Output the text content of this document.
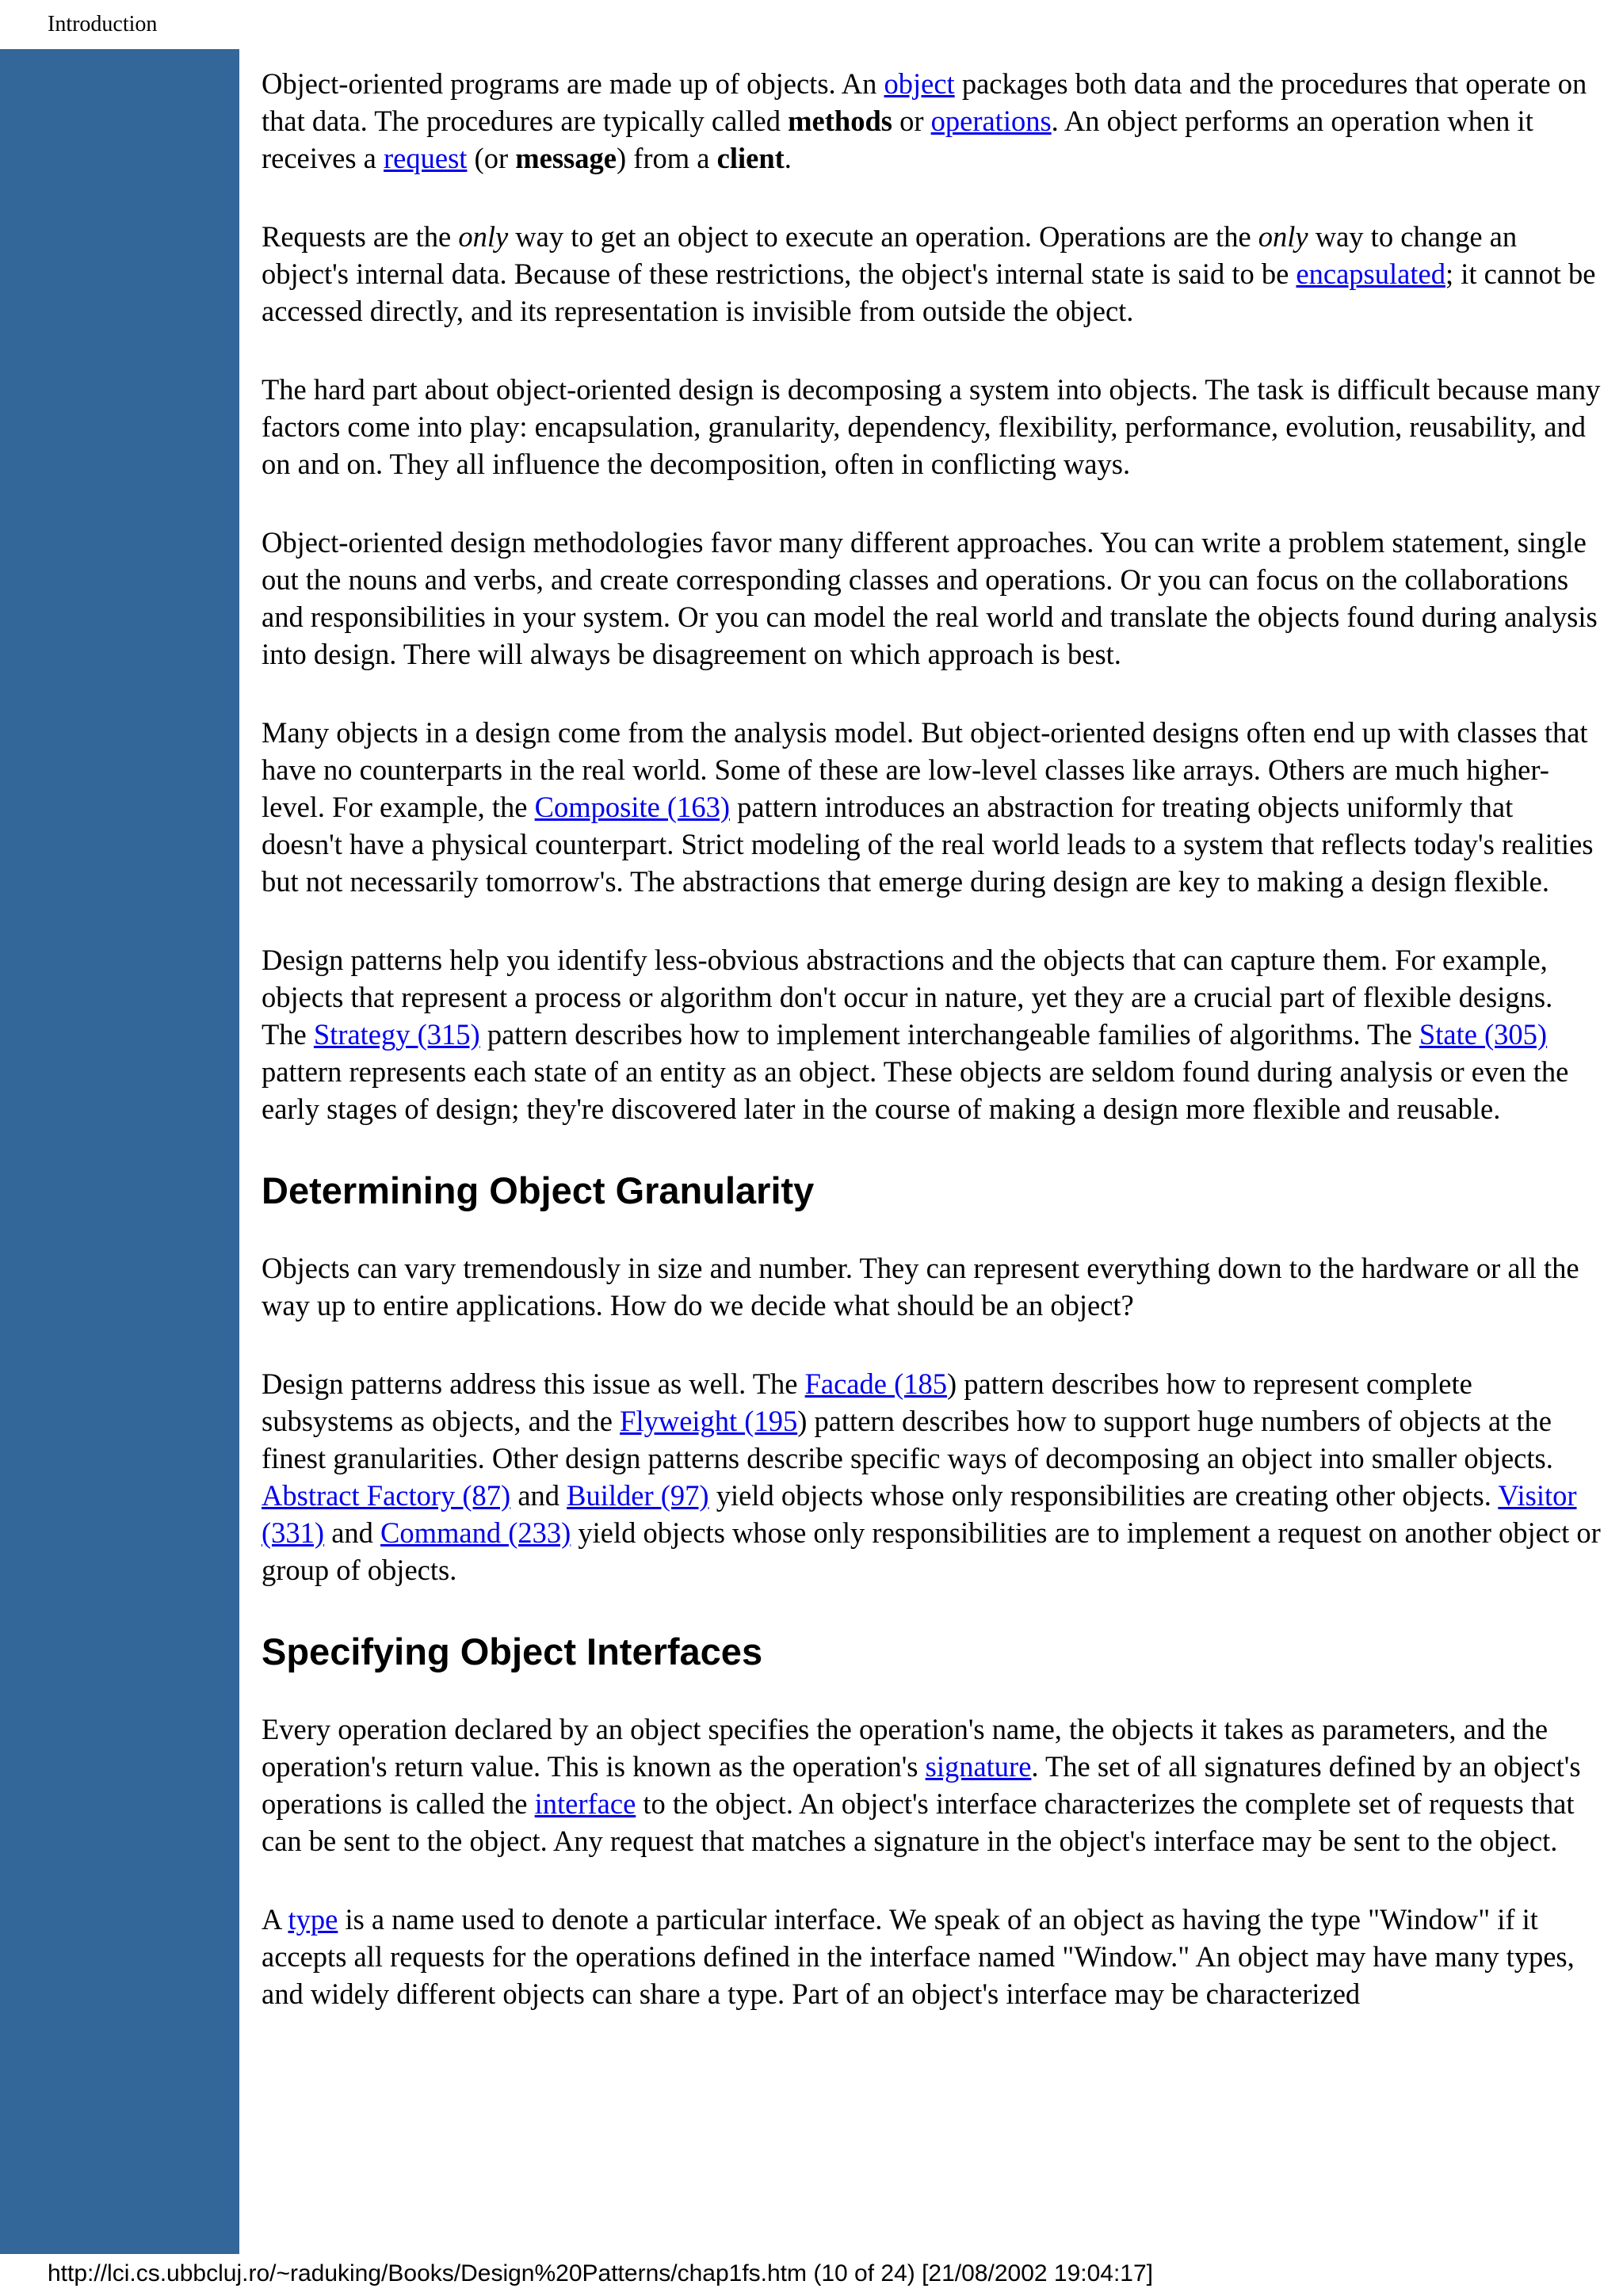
Introduction

Object-oriented programs are made up of objects. An object packages both data and the procedures that operate on that data. The procedures are typically called methods or operations. An object performs an operation when it receives a request (or message) from a client.

Requests are the only way to get an object to execute an operation. Operations are the only way to change an object's internal data. Because of these restrictions, the object's internal state is said to be encapsulated; it cannot be accessed directly, and its representation is invisible from outside the object.

The hard part about object-oriented design is decomposing a system into objects. The task is difficult because many factors come into play: encapsulation, granularity, dependency, flexibility, performance, evolution, reusability, and on and on. They all influence the decomposition, often in conflicting ways.

Object-oriented design methodologies favor many different approaches. You can write a problem statement, single out the nouns and verbs, and create corresponding classes and operations. Or you can focus on the collaborations and responsibilities in your system. Or you can model the real world and translate the objects found during analysis into design. There will always be disagreement on which approach is best.

Many objects in a design come from the analysis model. But object-oriented designs often end up with classes that have no counterparts in the real world. Some of these are low-level classes like arrays. Others are much higher-level. For example, the Composite (163) pattern introduces an abstraction for treating objects uniformly that doesn't have a physical counterpart. Strict modeling of the real world leads to a system that reflects today's realities but not necessarily tomorrow's. The abstractions that emerge during design are key to making a design flexible.

Design patterns help you identify less-obvious abstractions and the objects that can capture them. For example, objects that represent a process or algorithm don't occur in nature, yet they are a crucial part of flexible designs. The Strategy (315) pattern describes how to implement interchangeable families of algorithms. The State (305) pattern represents each state of an entity as an object. These objects are seldom found during analysis or even the early stages of design; they're discovered later in the course of making a design more flexible and reusable.

Determining Object Granularity

Objects can vary tremendously in size and number. They can represent everything down to the hardware or all the way up to entire applications. How do we decide what should be an object?

Design patterns address this issue as well. The Facade (185) pattern describes how to represent complete subsystems as objects, and the Flyweight (195) pattern describes how to support huge numbers of objects at the finest granularities. Other design patterns describe specific ways of decomposing an object into smaller objects. Abstract Factory (87) and Builder (97) yield objects whose only responsibilities are creating other objects. Visitor (331) and Command (233) yield objects whose only responsibilities are to implement a request on another object or group of objects.

Specifying Object Interfaces

Every operation declared by an object specifies the operation's name, the objects it takes as parameters, and the operation's return value. This is known as the operation's signature. The set of all signatures defined by an object's operations is called the interface to the object. An object's interface characterizes the complete set of requests that can be sent to the object. Any request that matches a signature in the object's interface may be sent to the object.

A type is a name used to denote a particular interface. We speak of an object as having the type "Window" if it accepts all requests for the operations defined in the interface named "Window." An object may have many types, and widely different objects can share a type. Part of an object's interface may be characterized

http://lci.cs.ubbcluj.ro/~raduking/Books/Design%20Patterns/chap1fs.htm (10 of 24) [21/08/2002 19:04:17]
